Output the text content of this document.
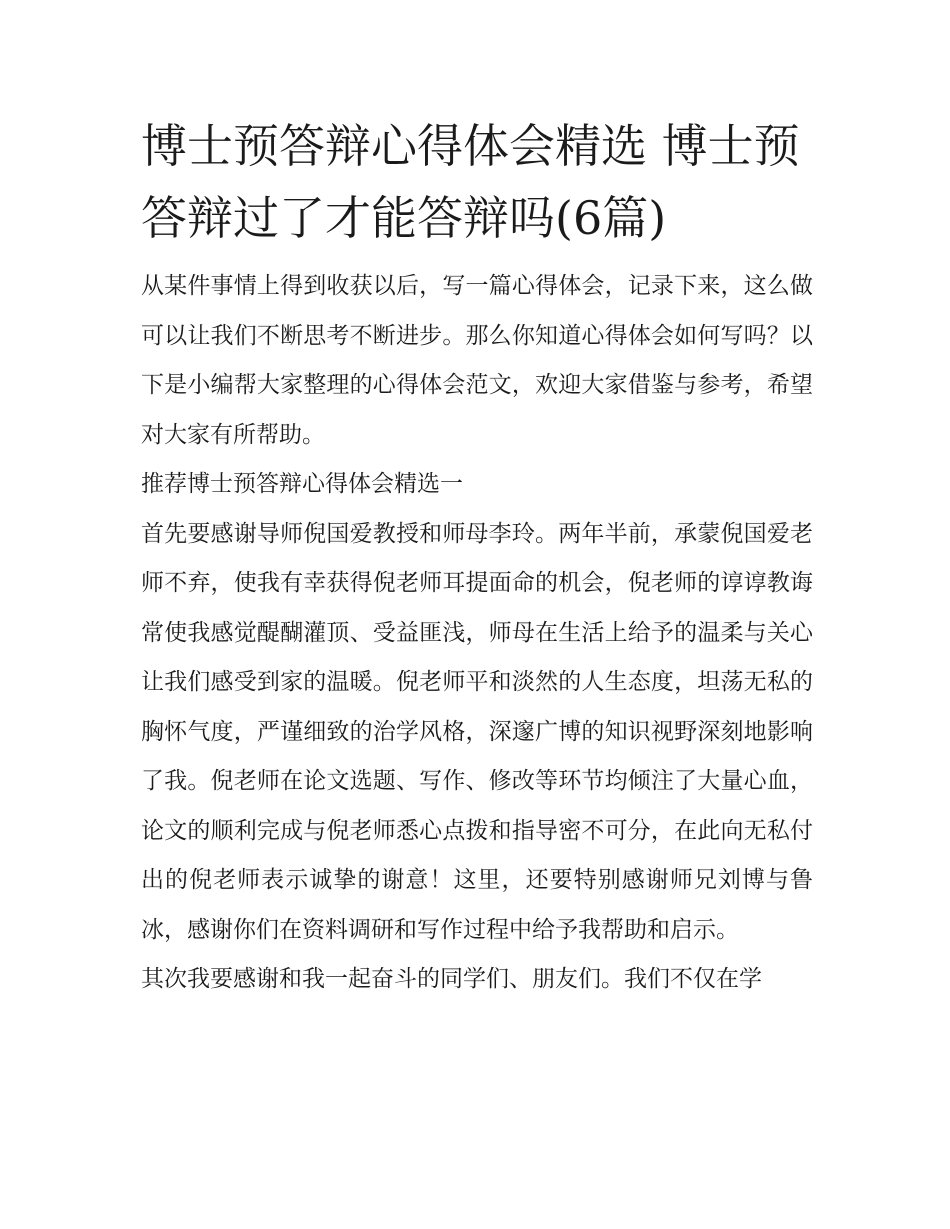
博士预答辩心得体会精选 博士预答辩过了才能答辩吗(6篇)

从某件事情上得到收获以后，写一篇心得体会，记录下来，这么做可以让我们不断思考不断进步。那么你知道心得体会如何写吗？以下是小编帮大家整理的心得体会范文，欢迎大家借鉴与参考，希望对大家有所帮助。

推荐博士预答辩心得体会精选一

首先要感谢导师倪国爱教授和师母李玲。两年半前，承蒙倪国爱老师不弃，使我有幸获得倪老师耳提面命的机会，倪老师的谆谆教诲常使我感觉醍醐灌顶、受益匪浅，师母在生活上给予的温柔与关心让我们感受到家的温暖。倪老师平和淡然的人生态度，坦荡无私的胸怀气度，严谨细致的治学风格，深邃广博的知识视野深刻地影响了我。倪老师在论文选题、写作、修改等环节均倾注了大量心血，论文的顺利完成与倪老师悉心点拨和指导密不可分，在此向无私付出的倪老师表示诚挚的谢意！这里，还要特别感谢师兄刘博与鲁冰，感谢你们在资料调研和写作过程中给予我帮助和启示。

其次我要感谢和我一起奋斗的同学们、朋友们。我们不仅在学
